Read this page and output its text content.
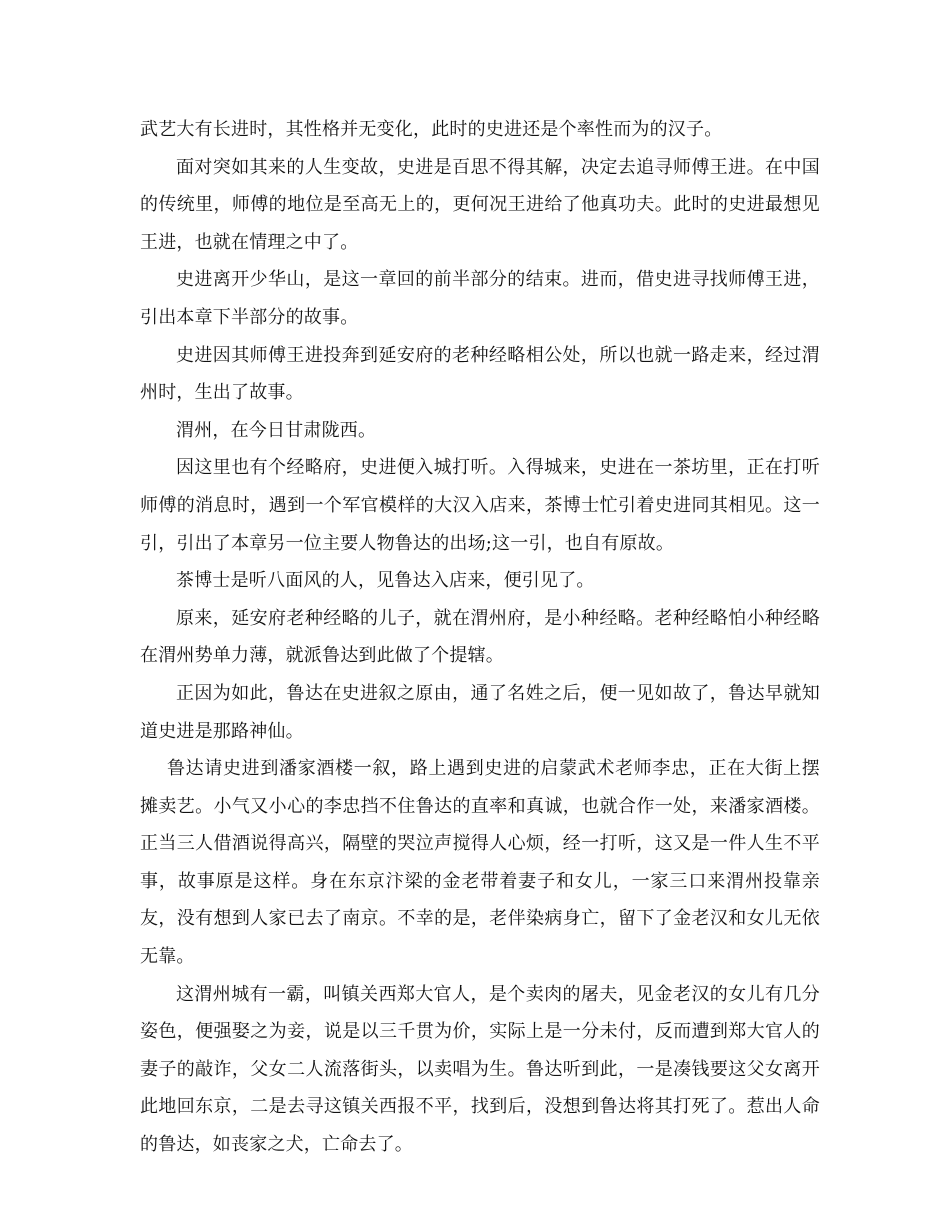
武艺大有长进时，其性格并无变化，此时的史进还是个率性而为的汉子。

面对突如其来的人生变故，史进是百思不得其解，决定去追寻师傅王进。在中国的传统里，师傅的地位是至高无上的，更何况王进给了他真功夫。此时的史进最想见王进，也就在情理之中了。

史进离开少华山，是这一章回的前半部分的结束。进而，借史进寻找师傅王进，引出本章下半部分的故事。

史进因其师傅王进投奔到延安府的老种经略相公处，所以也就一路走来，经过渭州时，生出了故事。

渭州，在今日甘肃陇西。

因这里也有个经略府，史进便入城打听。入得城来，史进在一茶坊里，正在打听师傅的消息时，遇到一个军官模样的大汉入店来，茶博士忙引着史进同其相见。这一引，引出了本章另一位主要人物鲁达的出场;这一引，也自有原故。

茶博士是听八面风的人，见鲁达入店来，便引见了。

原来，延安府老种经略的儿子，就在渭州府，是小种经略。老种经略怕小种经略在渭州势单力薄，就派鲁达到此做了个提辖。

正因为如此，鲁达在史进叙之原由，通了名姓之后，便一见如故了，鲁达早就知道史进是那路神仙。

鲁达请史进到潘家酒楼一叙，路上遇到史进的启蒙武术老师李忠，正在大街上摆摊卖艺。小气又小心的李忠挡不住鲁达的直率和真诚，也就合作一处，来潘家酒楼。正当三人借酒说得高兴，隔壁的哭泣声搅得人心烦，经一打听，这又是一件人生不平事，故事原是这样。身在东京汴梁的金老带着妻子和女儿，一家三口来渭州投靠亲友，没有想到人家已去了南京。不幸的是，老伴染病身亡，留下了金老汉和女儿无依无靠。

这渭州城有一霸，叫镇关西郑大官人，是个卖肉的屠夫，见金老汉的女儿有几分姿色，便强娶之为妾，说是以三千贯为价，实际上是一分未付，反而遭到郑大官人的妻子的敲诈，父女二人流落街头，以卖唱为生。鲁达听到此，一是凑钱要这父女离开此地回东京，二是去寻这镇关西报不平，找到后，没想到鲁达将其打死了。惹出人命的鲁达，如丧家之犬，亡命去了。
